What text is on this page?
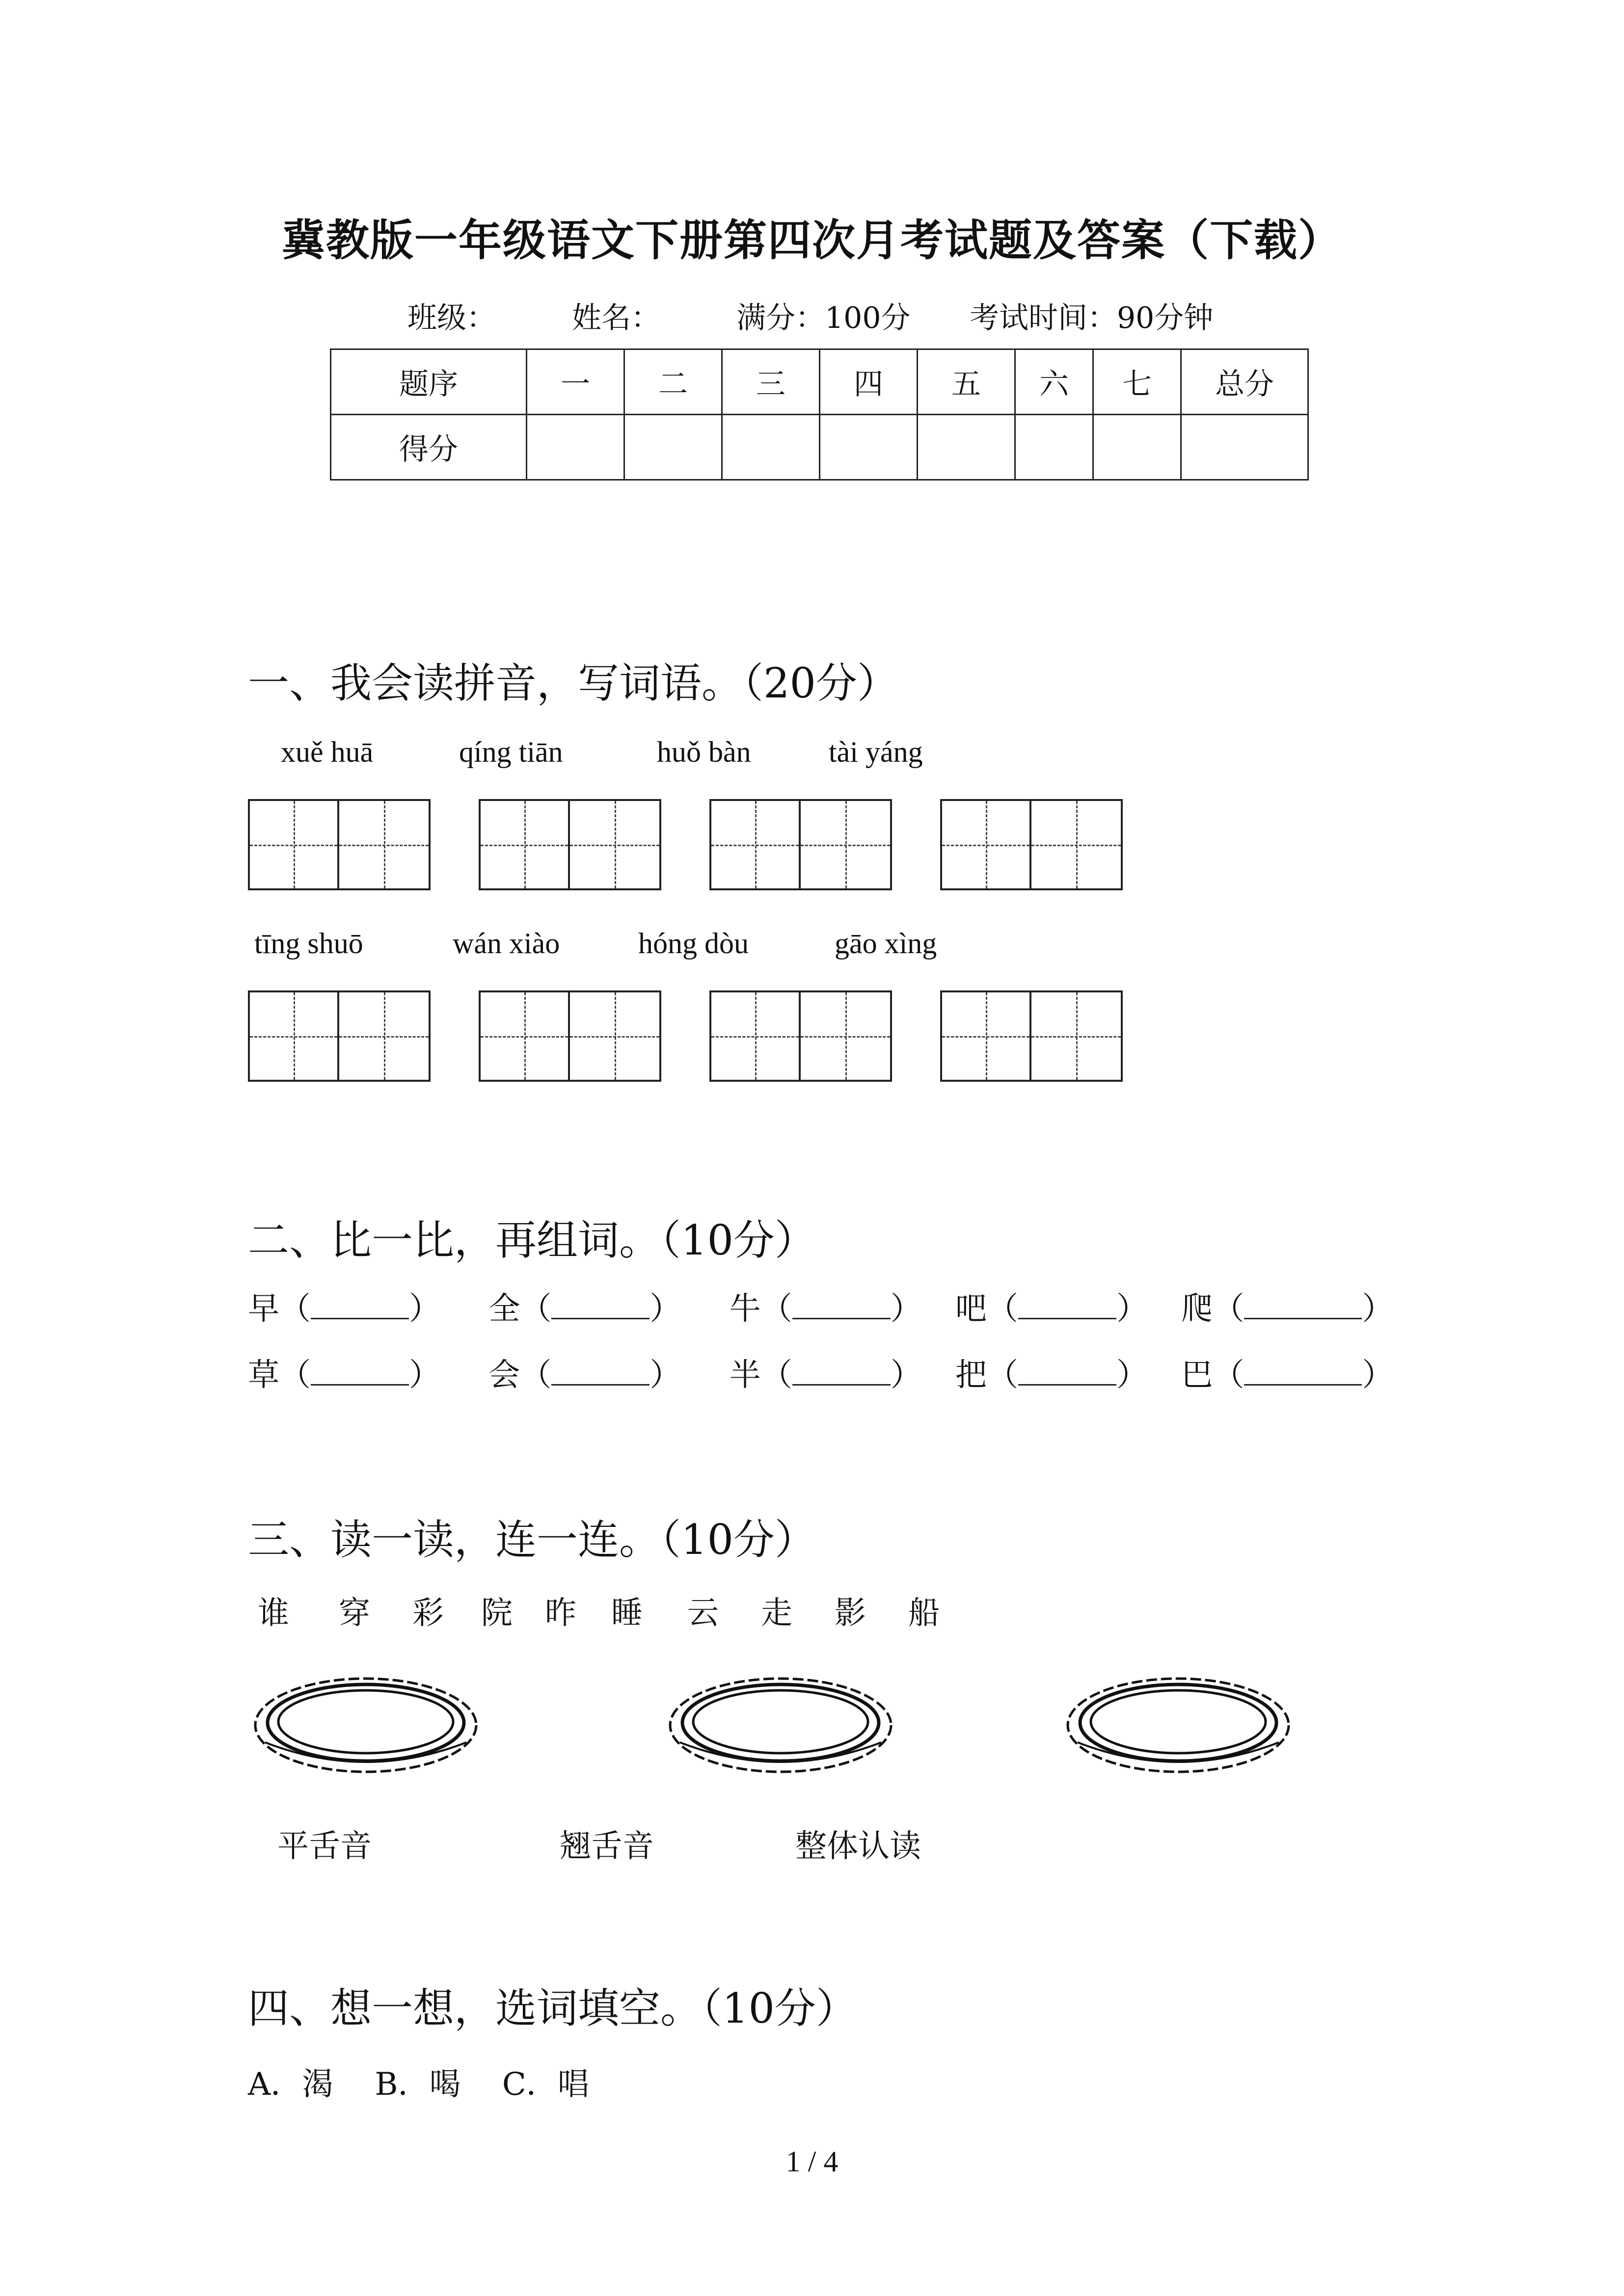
冀教版一年级语文下册第四次月考试题及答案（下载）
班级：	姓名：	满分：100分 考试时间：90分钟
题序	一	二	三	四	五	六	七	总分
得分								
一、我会读拼音，写词语。（20分）
xuě huā	qíng tiān	huǒ bàn	tài yáng
tīng shuō	wán xiào	hóng dòu	gāo xìng
二、比一比，再组词。（10分）
早（	） 全（	） 牛（	） 吧（	） 爬（	）
草（	） 会（	） 半（	） 把（	） 巴（	）
三、读一读，连一连。（10分）
谁 穿 彩 院 昨 睡 云 走 影 船
平舌音	翘舌音	整体认读
四、想一想，选词填空。（10分）
A．渴　 B．喝　 C．唱
1 / 4
